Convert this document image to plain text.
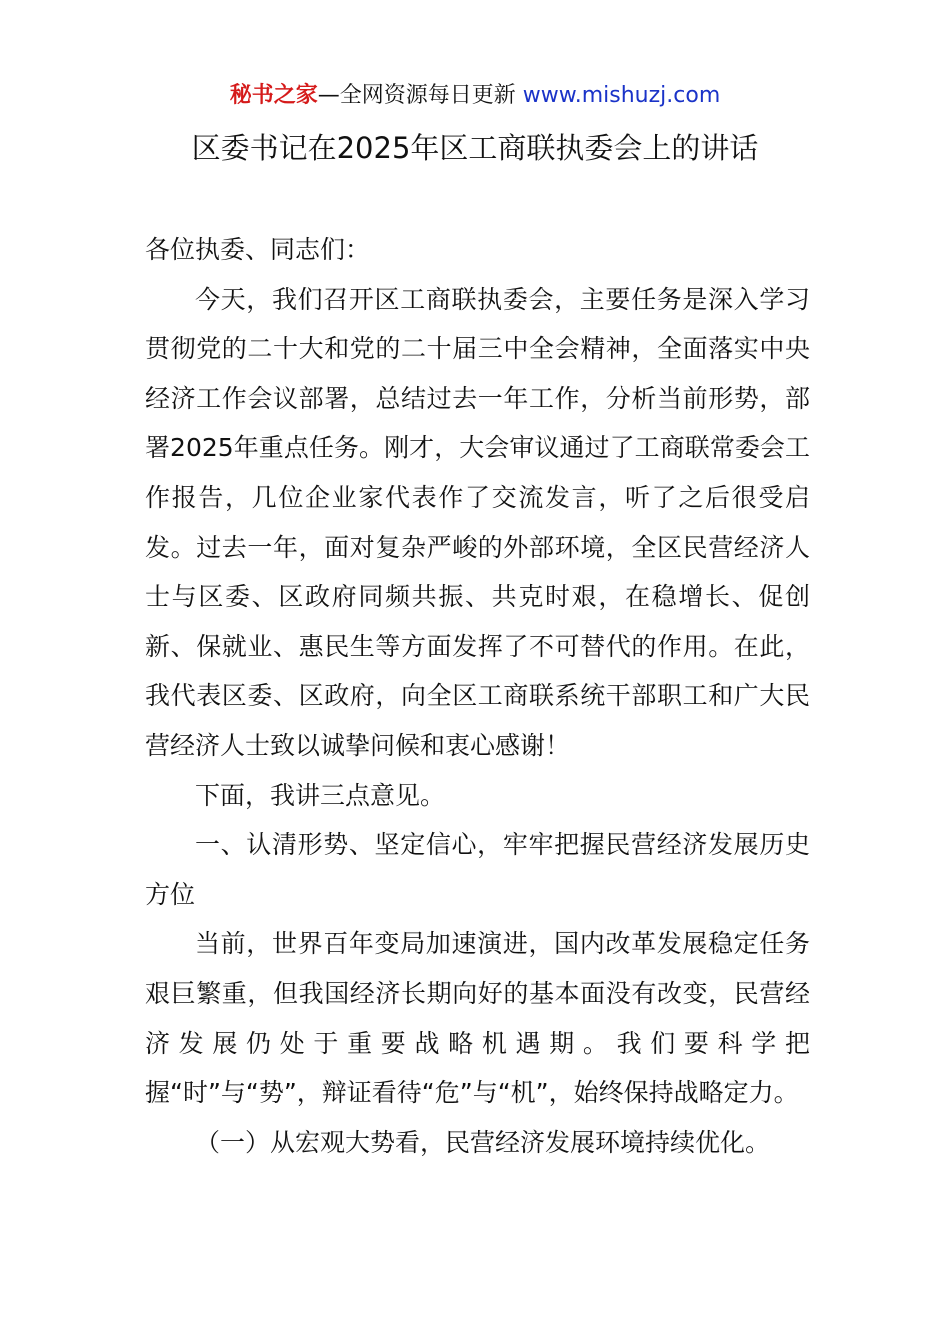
秘书之家—全网资源每日更新 www.mishuzj.com
区委书记在2025年区工商联执委会上的讲话

各位执委、同志们：

今天，我们召开区工商联执委会，主要任务是深入学习贯彻党的二十大和党的二十届三中全会精神，全面落实中央经济工作会议部署，总结过去一年工作，分析当前形势，部署2025年重点任务。刚才，大会审议通过了工商联常委会工作报告，几位企业家代表作了交流发言，听了之后很受启发。过去一年，面对复杂严峻的外部环境，全区民营经济人士与区委、区政府同频共振、共克时艰，在稳增长、促创新、保就业、惠民生等方面发挥了不可替代的作用。在此，我代表区委、区政府，向全区工商联系统干部职工和广大民营经济人士致以诚挚问候和衷心感谢！

下面，我讲三点意见。

一、认清形势、坚定信心，牢牢把握民营经济发展历史方位

当前，世界百年变局加速演进，国内改革发展稳定任务艰巨繁重，但我国经济长期向好的基本面没有改变，民营经济发展仍处于重要战略机遇期。我们要科学把握“时”与“势”，辩证看待“危”与“机”，始终保持战略定力。

（一）从宏观大势看，民营经济发展环境持续优化。
